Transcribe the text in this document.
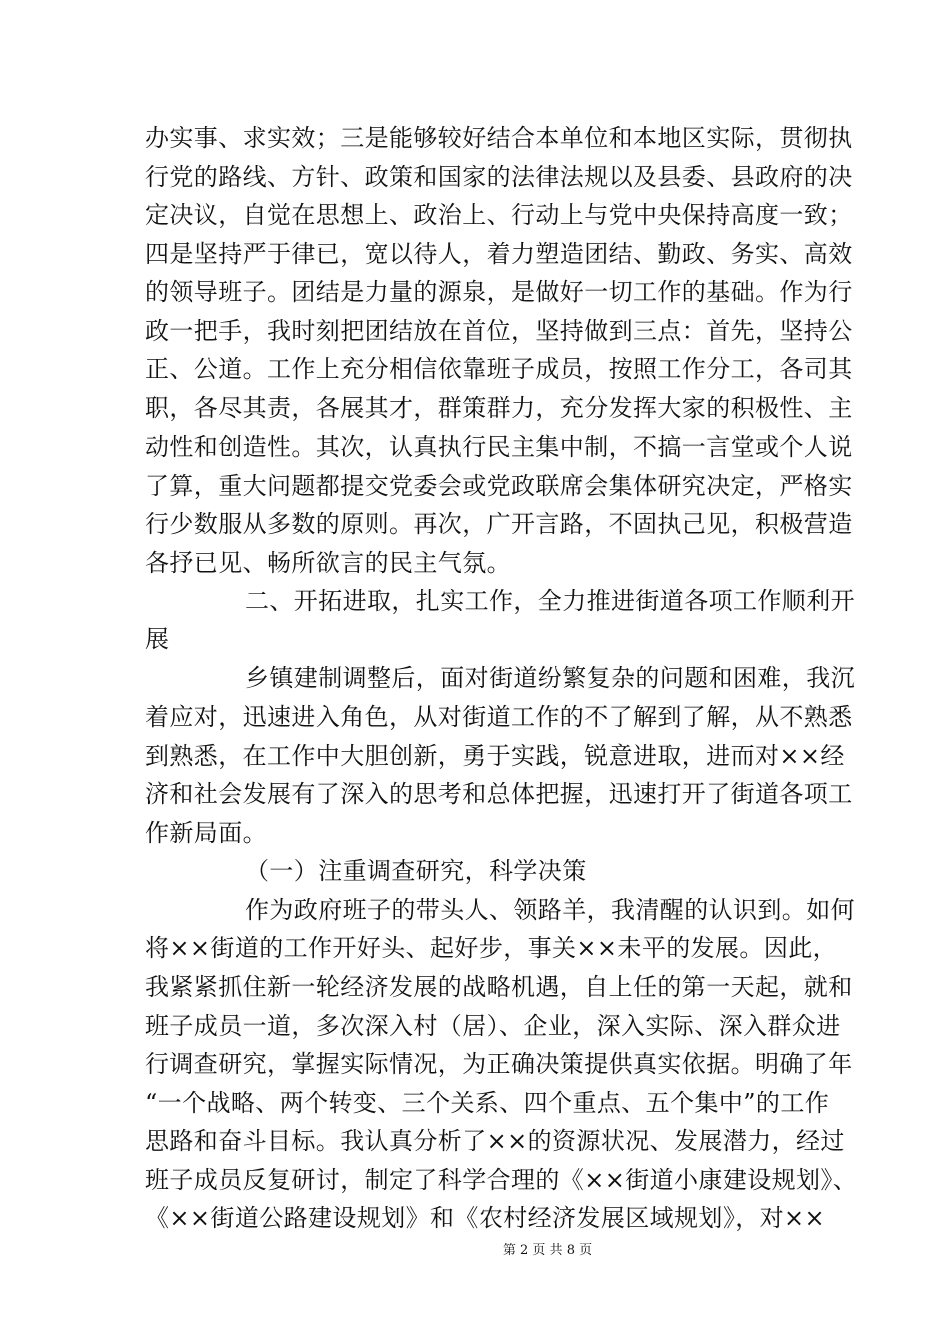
办实事、求实效；三是能够较好结合本单位和本地区实际，贯彻执
行党的路线、方针、政策和国家的法律法规以及县委、县政府的决
定决议，自觉在思想上、政治上、行动上与党中央保持高度一致；
四是坚持严于律已，宽以待人，着力塑造团结、勤政、务实、高效
的领导班子。团结是力量的源泉，是做好一切工作的基础。作为行
政一把手，我时刻把团结放在首位，坚持做到三点：首先，坚持公
正、公道。工作上充分相信依靠班子成员，按照工作分工，各司其
职，各尽其责，各展其才，群策群力，充分发挥大家的积极性、主
动性和创造性。其次，认真执行民主集中制，不搞一言堂或个人说
了算，重大问题都提交党委会或党政联席会集体研究决定，严格实
行少数服从多数的原则。再次，广开言路，不固执己见，积极营造
各抒已见、畅所欲言的民主气氛。
二、开拓进取，扎实工作，全力推进街道各项工作顺利开
展
乡镇建制调整后，面对街道纷繁复杂的问题和困难，我沉
着应对，迅速进入角色，从对街道工作的不了解到了解，从不熟悉
到熟悉，在工作中大胆创新，勇于实践，锐意进取，进而对××经
济和社会发展有了深入的思考和总体把握，迅速打开了街道各项工
作新局面。
（一）注重调查研究，科学决策
作为政府班子的带头人、领路羊，我清醒的认识到。如何
将××街道的工作开好头、起好步，事关××未平的发展。因此，
我紧紧抓住新一轮经济发展的战略机遇，自上任的第一天起，就和
班子成员一道，多次深入村（居）、企业，深入实际、深入群众进
行调查研究，掌握实际情况，为正确决策提供真实依据。明确了年
“一个战略、两个转变、三个关系、四个重点、五个集中”的工作
思路和奋斗目标。我认真分析了××的资源状况、发展潜力，经过
班子成员反复研讨，制定了科学合理的《××街道小康建设规划》、
《××街道公路建设规划》和《农村经济发展区域规划》，对××
第 2 页 共 8 页
